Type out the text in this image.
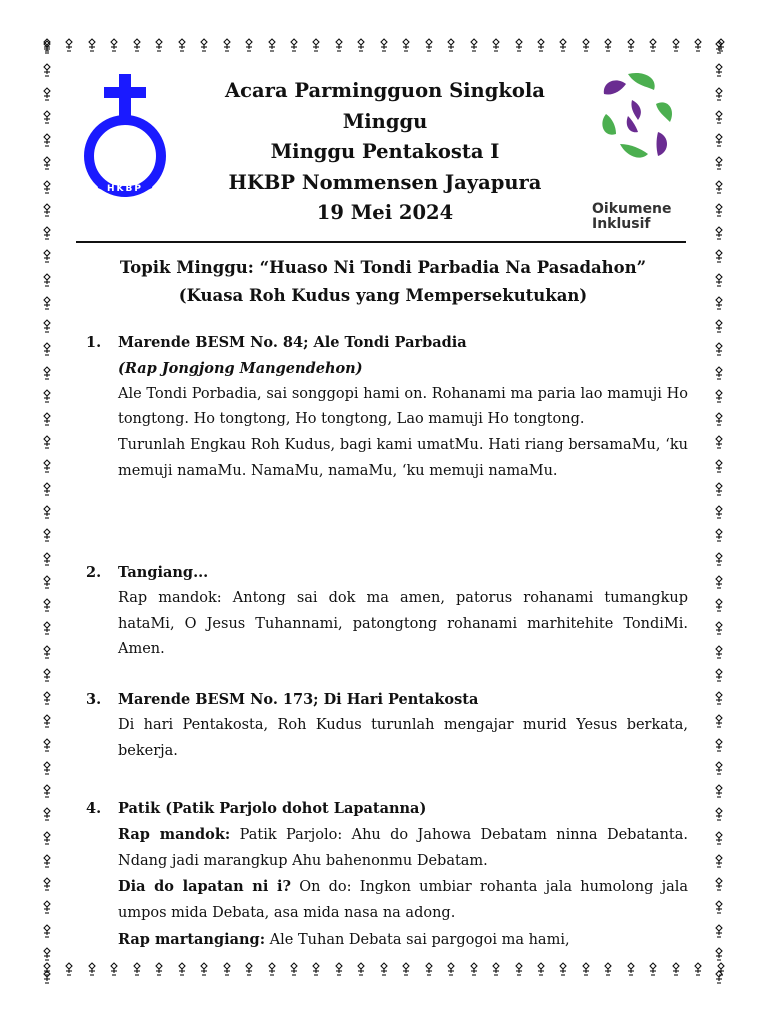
HKBP
Oikumene
Inklusif
Acara Parmingguon Singkola
Minggu
Minggu Pentakosta I
HKBP Nommensen Jayapura
19 Mei 2024
Topik Minggu: “Huaso Ni Tondi Parbadia Na Pasadahon”
(Kuasa Roh Kudus yang Mempersekutukan)
1. Marende BESM No. 84; Ale Tondi Parbadia
(Rap Jongjong Mangendehon)

Ale Tondi Porbadia, sai songgopi hami on. Rohanami ma paria lao mamuji Ho tongtong. Ho tongtong, Ho tongtong, Lao mamuji Ho tongtong.

Turunlah Engkau Roh Kudus, bagi kami umatMu. Hati riang bersamaMu, ‘ku memuji namaMu. NamaMu, namaMu, ‘ku memuji namaMu.

2. Tangiang...

Rap mandok: Antong sai dok ma amen, patorus rohanami tumangkup hataMi, O Jesus Tuhannami, patongtong rohanami marhitehite TondiMi. Amen.

3. Marende BESM No. 173; Di Hari Pentakosta

Di hari Pentakosta, Roh Kudus turunlah mengajar murid Yesus berkata, bekerja.

4. Patik (Patik Parjolo dohot Lapatanna)

Rap mandok: Patik Parjolo: Ahu do Jahowa Debatam ninna Debatanta. Ndang jadi marangkup Ahu bahenonmu Debatam.

Dia do lapatan ni i? On do: Ingkon umbiar rohanta jala humolong jala umpos mida Debata, asa mida nasa na adong.

Rap martangiang: Ale Tuhan Debata sai pargogoi ma hami,
